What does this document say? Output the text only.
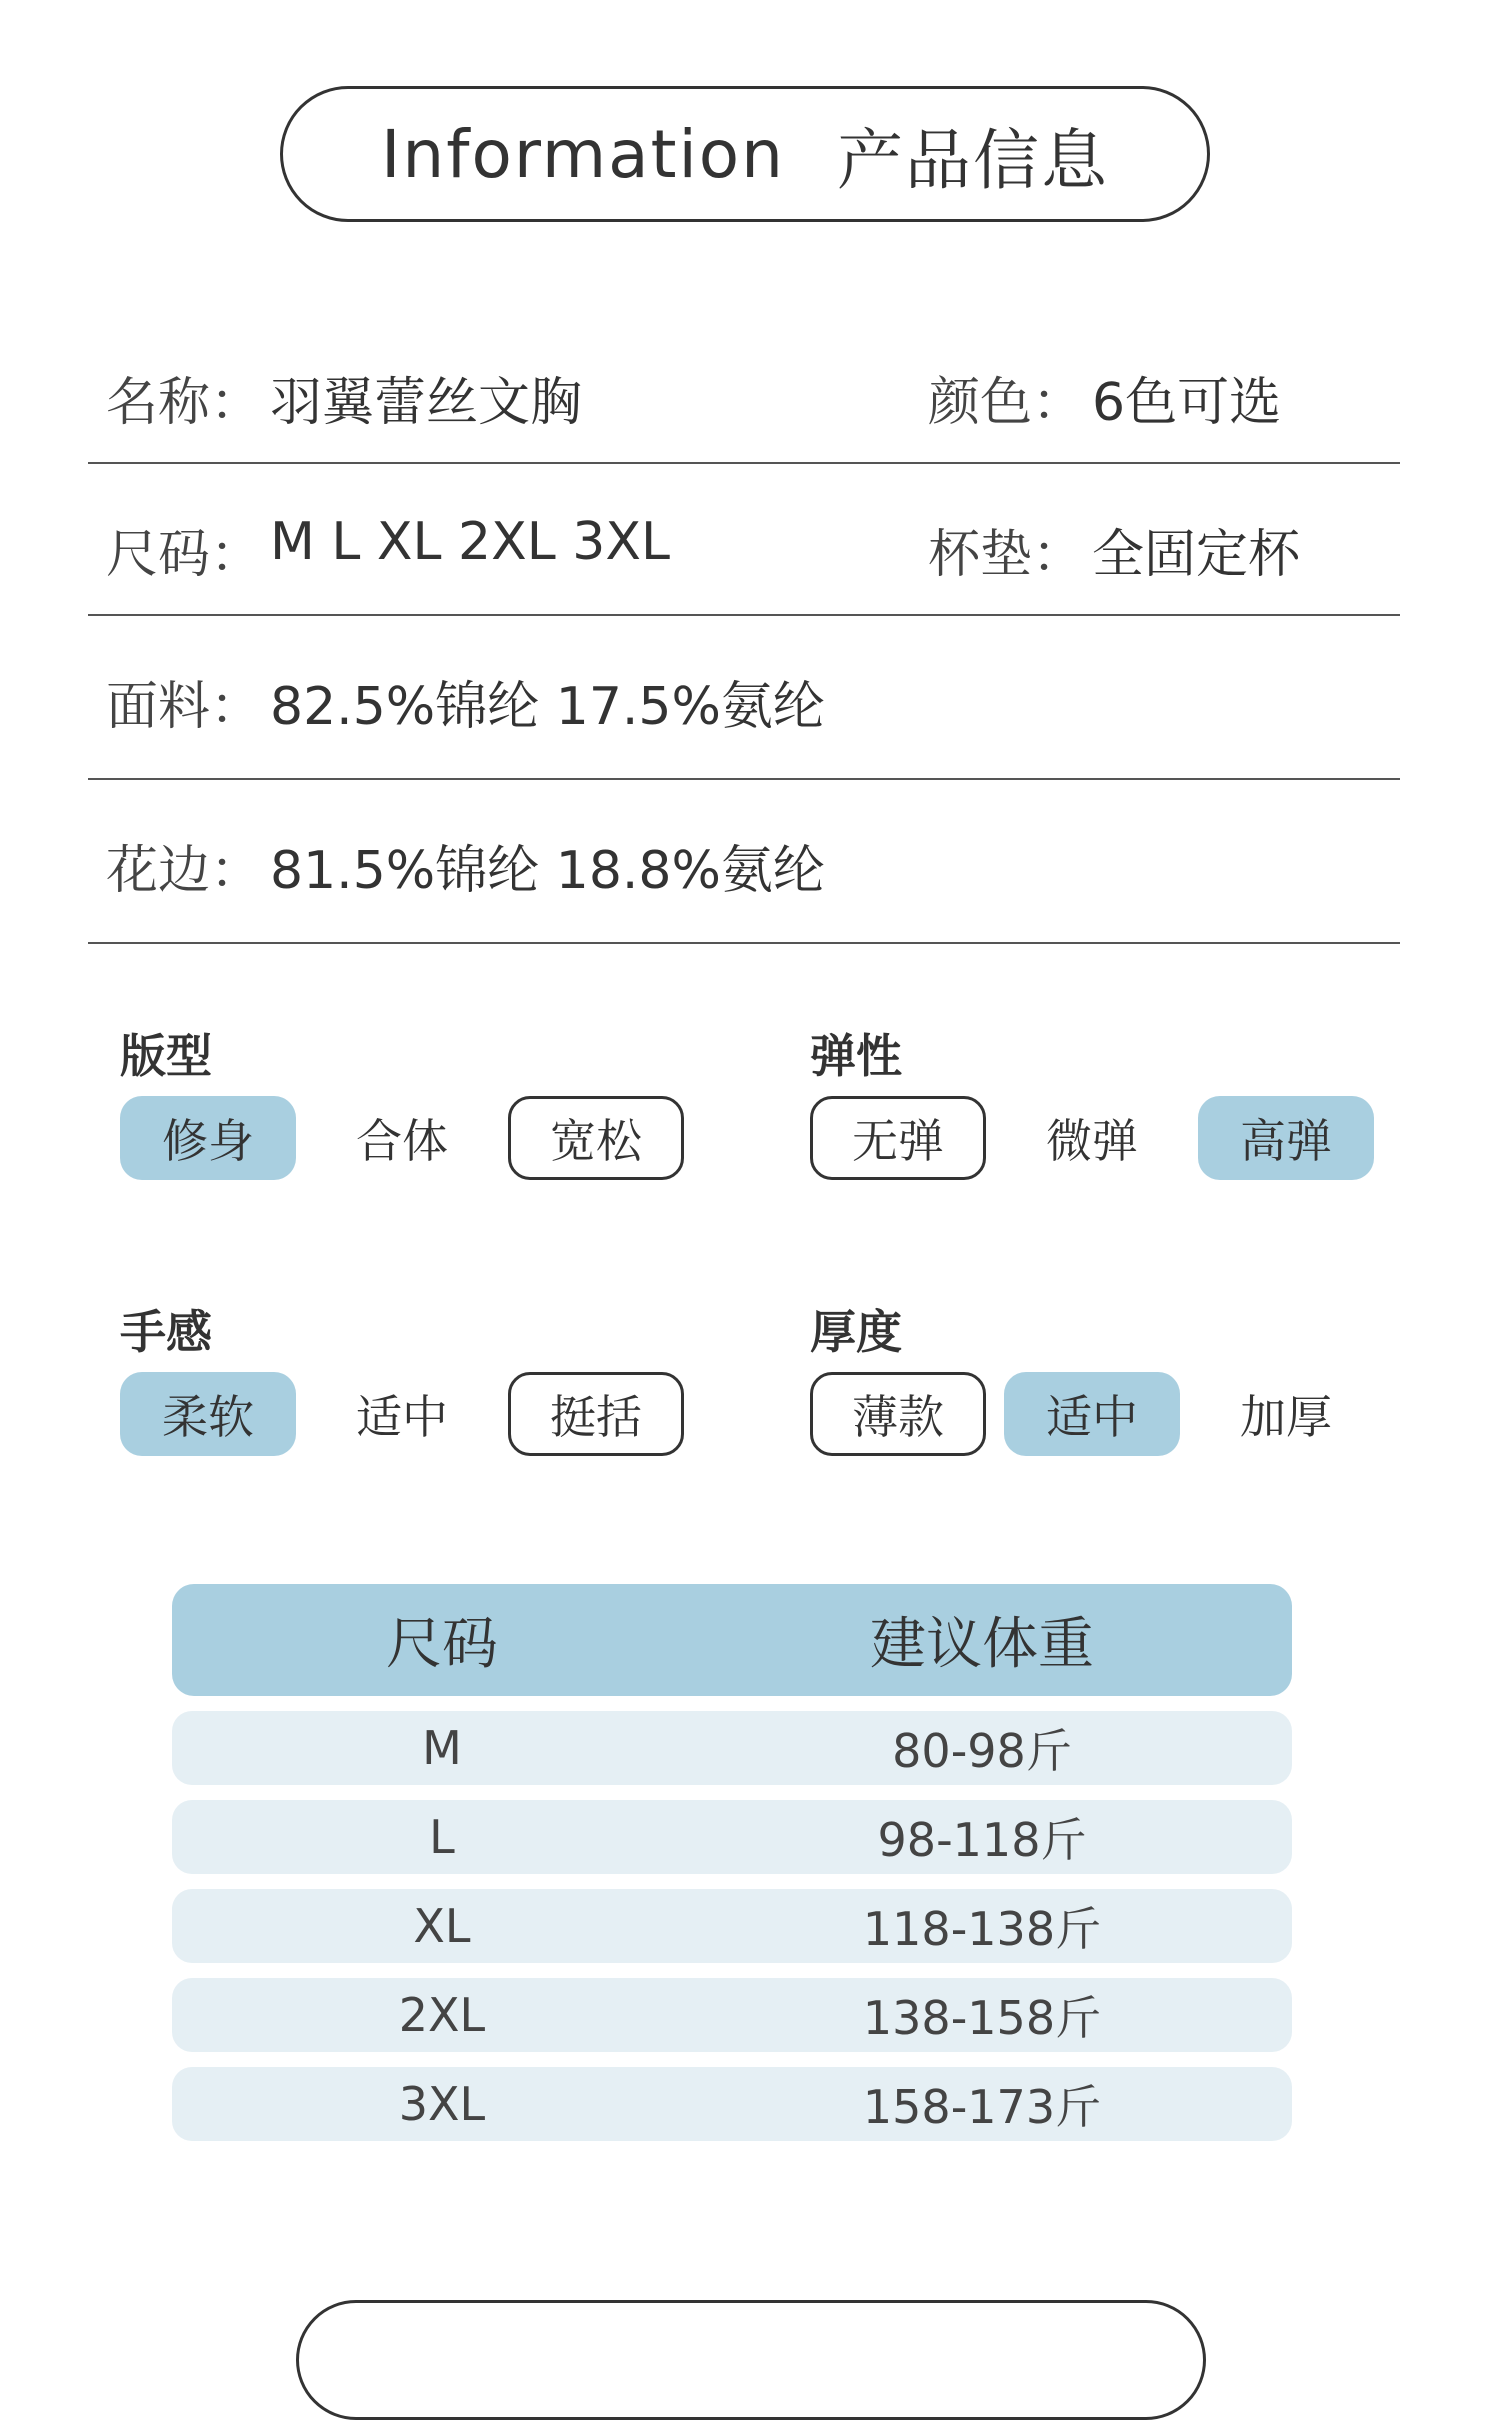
Information 产品信息
名称： 羽翼蕾丝文胸	颜色： 6色可选
尺码： M L XL 2XL 3XL	杯垫： 全固定杯
面料： 82.5%锦纶 17.5%氨纶
花边： 81.5%锦纶 18.8%氨纶
版型
修身	合体	宽松
弹性
无弹	微弹	高弹
手感
柔软	适中	挺括
厚度
薄款	适中	加厚
尺码	建议体重
M	80-98斤
L	98-118斤
XL	118-138斤
2XL	138-158斤
3XL	158-173斤
